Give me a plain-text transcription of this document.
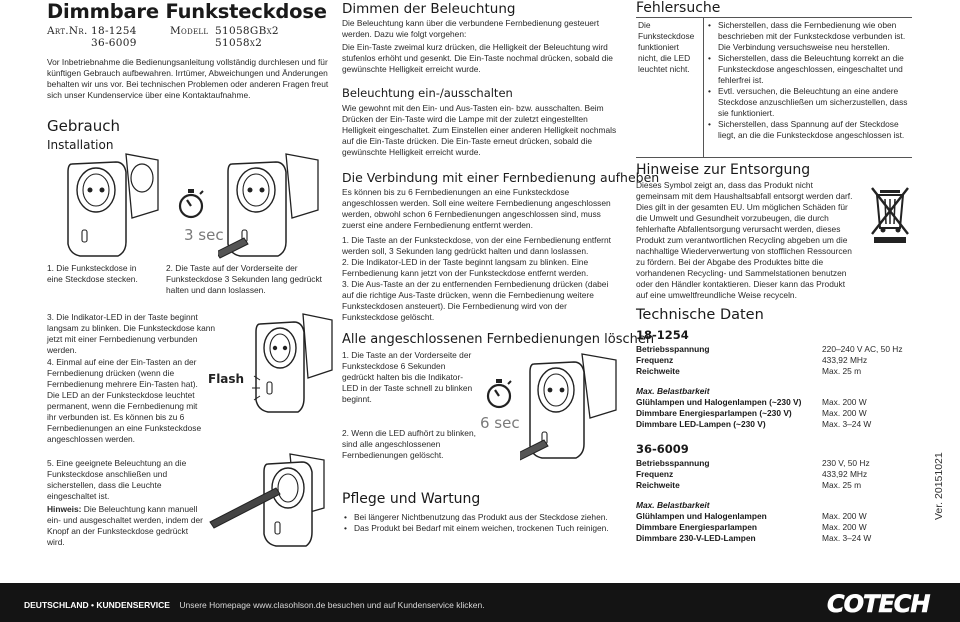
Dimmbare Funksteckdose
Art.Nr. 18-1254
36-6009
Modell 51058GBx2
51058x2

Vor Inbetriebnahme die Bedienungsanleitung vollständig durchlesen und für künftigen Gebrauch aufbewahren. Irrtümer, Abweichungen und Änderungen behalten wir uns vor. Bei technischen Problemen oder anderen Fragen freut sich unser Kundenservice über eine Kontaktaufnahme.

Gebrauch
Installation
1. Die Funksteckdose in eine Steckdose stecken.
3 sec
2. Die Taste auf der Vorderseite der Funksteckdose 3 Sekunden lang gedrückt halten und dann loslassen.
3. Die Indikator-LED in der Taste beginnt langsam zu blinken. Die Funksteckdose kann jetzt mit einer Fernbedienung verbunden werden.
4. Einmal auf eine der Ein-Tasten an der Fernbedienung drücken (wenn die Fernbedienung mehrere Ein-Tasten hat). Die LED an der Funksteckdose leuchtet permanent, wenn die Fernbedienung mit ihr verbunden ist. Es können bis zu 6 Fernbedienungen an eine Funksteckdose angeschlossen werden.
Flash
5. Eine geeignete Beleuchtung an die Funksteckdose anschließen und sicherstellen, dass die Leuchte eingeschaltet ist.
Hinweis: Die Beleuchtung kann manuell ein- und ausgeschaltet werden, indem der Knopf an der Funksteckdose gedrückt wird.
Dimmen der Beleuchtung

Die Beleuchtung kann über die verbundene Fernbedienung gesteuert werden. Dazu wie folgt vorgehen:

Die Ein-Taste zweimal kurz drücken, die Helligkeit der Beleuchtung wird stufenlos erhöht und gesenkt. Die Ein-Taste nochmal drücken, sobald die gewünschte Helligkeit erreicht wurde.

Beleuchtung ein-/ausschalten

Wie gewohnt mit den Ein- und Aus-Tasten ein- bzw. ausschalten. Beim Drücken der Ein-Taste wird die Lampe mit der zuletzt eingestellten Helligkeit eingeschaltet. Zum Einstellen einer anderen Helligkeit nochmals auf die Ein-Taste drücken. Die Ein-Taste erneut drücken, sobald die gewünschte Helligkeit erreicht wurde.

Die Verbindung mit einer Fernbedienung aufheben

Es können bis zu 6 Fernbedienungen an eine Funksteckdose angeschlossen werden. Soll eine weitere Fernbedienung angeschlossen werden, obwohl schon 6 Fernbedienungen angeschlossen sind, muss zuerst eine andere Fernbedienung entfernt werden.

1. Die Taste an der Funksteckdose, von der eine Fernbedienung entfernt werden soll, 3 Sekunden lang gedrückt halten und dann loslassen.

2. Die Indikator-LED in der Taste beginnt langsam zu blinken. Eine Fernbedienung kann jetzt von der Funksteckdose entfernt werden.

3. Die Aus-Taste an der zu entfernenden Fernbedienung drücken (dabei auf die richtige Aus-Taste drücken, wenn die Fernbedienung weitere Funksteckdosen ansteuert). Die Fernbedienung wird von der Funksteckdose gelöscht.

Alle angeschlossenen Fernbedienungen löschen

1. Die Taste an der Vorderseite der Funksteckdose 6 Sekunden gedrückt halten bis die Indikator-LED in der Taste schnell zu blinken beginnt.

2. Wenn die LED aufhört zu blinken, sind alle angeschlossenen Fernbedienungen gelöscht.

6 sec
Pflege und Wartung
• Bei längerer Nichtbenutzung das Produkt aus der Steckdose ziehen.
• Das Produkt bei Bedarf mit einem weichen, trockenen Tuch reinigen.
Fehlersuche

Die Funksteckdose funktioniert nicht, die LED leuchtet nicht.

• Sicherstellen, dass die Fernbedienung wie oben beschrieben mit der Funksteckdose verbunden ist. Die Verbindung versuchsweise neu herstellen.
• Sicherstellen, dass die Beleuchtung korrekt an die Funksteckdose angeschlossen, eingeschaltet und fehlerfrei ist.
• Evtl. versuchen, die Beleuchtung an eine andere Steckdose anzuschließen um sicherzustellen, dass sie funktioniert.
• Sicherstellen, dass Spannung auf der Steckdose liegt, an die die Funksteckdose angeschlossen ist.
Hinweise zur Entsorgung

Dieses Symbol zeigt an, dass das Produkt nicht gemeinsam mit dem Haushaltsabfall entsorgt werden darf. Dies gilt in der gesamten EU. Um möglichen Schäden für die Umwelt und Gesundheit vorzubeugen, die durch fehlerhafte Abfallentsorgung verursacht werden, dieses Produkt zum verantwortlichen Recycling abgeben um die nachhaltige Wiederverwertung von stofflichen Ressourcen zu fördern. Bei der Abgabe des Produktes bitte die vorhandenen Recycling- und Sammelstationen benutzen oder den Händler kontaktieren. Dieser kann das Produkt auf eine umweltfreundliche Weise recyceln.

Technische Daten
18-1254
Betriebsspannung	220–240 V AC, 50 Hz
Frequenz	433,92 MHz
Reichweite	Max. 25 m
Max. Belastbarkeit
Glühlampen und Halogenlampen (~230 V)	Max. 200 W
Dimmbare Energiesparlampen (~230 V)	Max. 200 W
Dimmbare LED-Lampen (~230 V)	Max. 3–24 W
36-6009
Betriebsspannung	230 V, 50 Hz
Frequenz	433,92 MHz
Reichweite	Max. 25 m
Max. Belastbarkeit
Glühlampen und Halogenlampen	Max. 200 W
Dimmbare Energiesparlampen	Max. 200 W
Dimmbare 230-V-LED-Lampen	Max. 3–24 W
Ver. 20151021
DEUTSCHLAND • KUNDENSERVICE Unsere Homepage www.clasohlson.de besuchen und auf Kundenservice klicken.	COTECH
